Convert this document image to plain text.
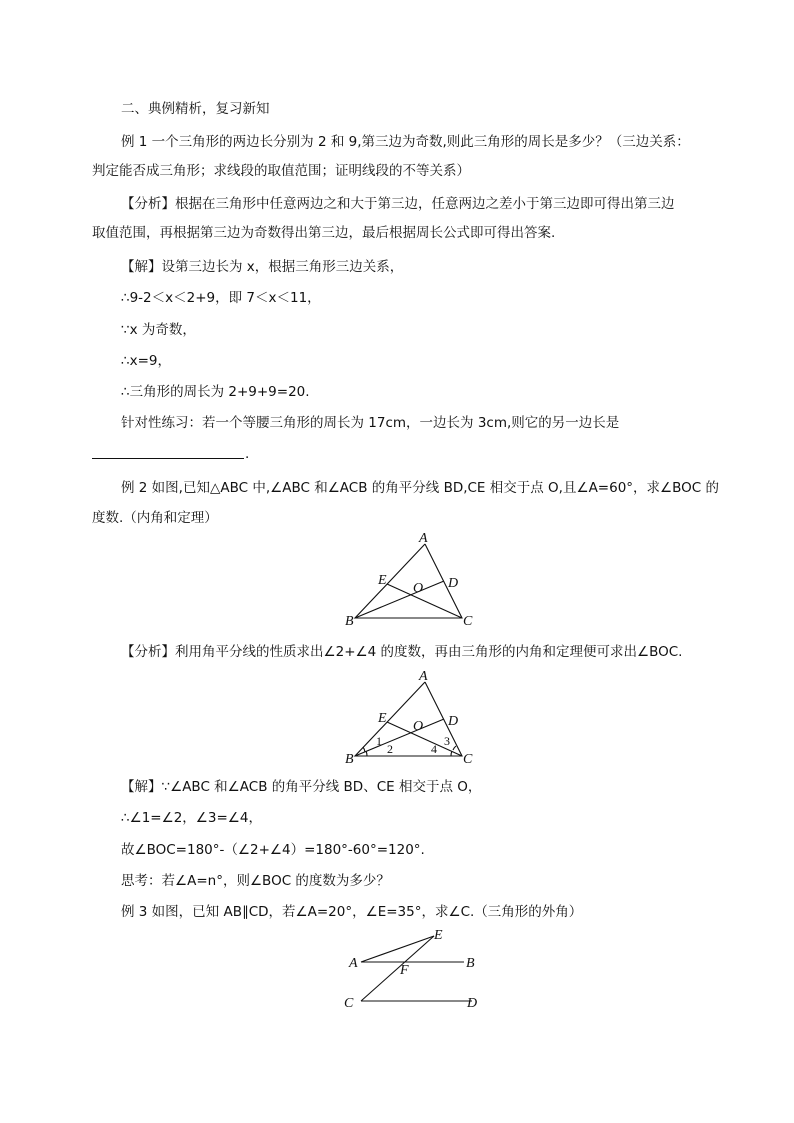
二、典例精析，复习新知
例 1 一个三角形的两边长分别为 2 和 9,第三边为奇数,则此三角形的周长是多少？（三边关系：
判定能否成三角形；求线段的取值范围；证明线段的不等关系）
【分析】根据在三角形中任意两边之和大于第三边，任意两边之差小于第三边即可得出第三边
取值范围，再根据第三边为奇数得出第三边，最后根据周长公式即可得出答案.
【解】设第三边长为 x，根据三角形三边关系，
∴9-2＜x＜2+9，即 7＜x＜11，
∵x 为奇数，
∴x=9，
∴三角形的周长为 2+9+9=20.
针对性练习：若一个等腰三角形的周长为 17cm，一边长为 3cm,则它的另一边长是
.
例 2 如图,已知△ABC 中,∠ABC 和∠ACB 的角平分线 BD,CE 相交于点 O,且∠A=60°，求∠BOC 的
度数.（内角和定理）
A
E
O D
B	C
【分析】利用角平分线的性质求出∠2+∠4 的度数，再由三角形的内角和定理便可求出∠BOC.
A
E
O D
B	C
1
2
3
4
【解】∵∠ABC 和∠ACB 的角平分线 BD、CE 相交于点 O，
∴∠1=∠2，∠3=∠4，
故∠BOC=180°-（∠2+∠4）=180°-60°=120°.
思考：若∠A=n°，则∠BOC 的度数为多少？
例 3 如图，已知 AB∥CD，若∠A=20°，∠E=35°，求∠C.（三角形的外角）
E
A	F	B
C	D
